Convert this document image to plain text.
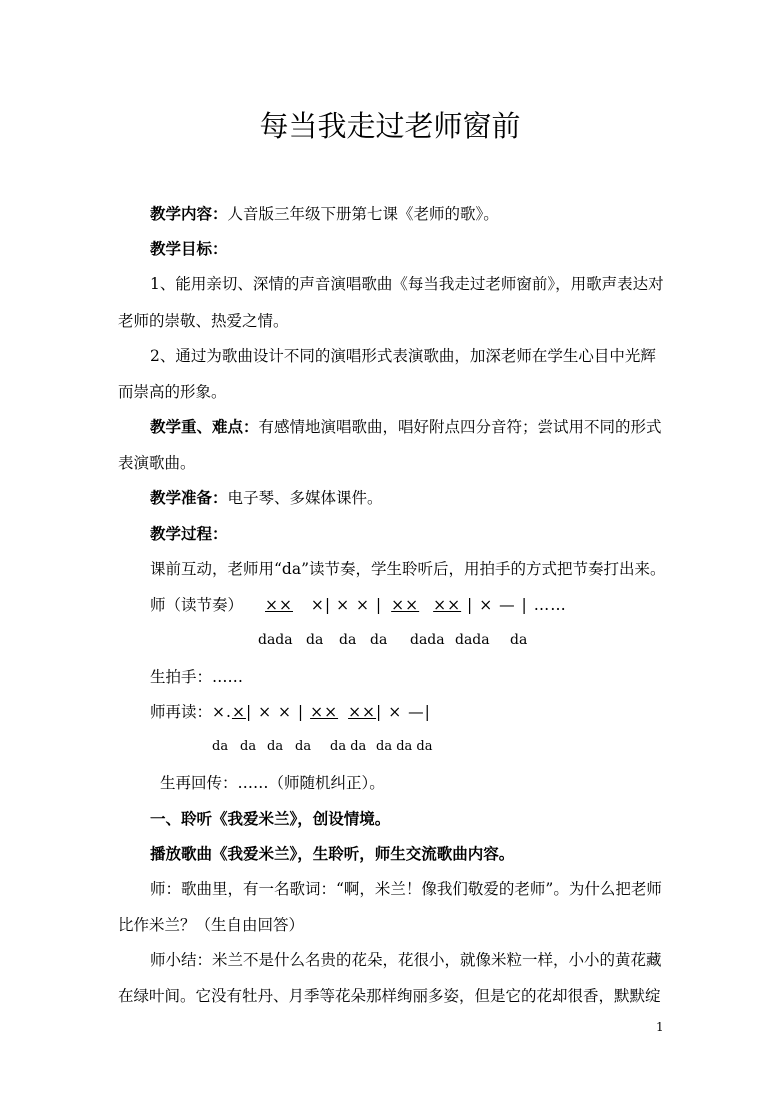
每当我走过老师窗前
教学内容：人音版三年级下册第七课《老师的歌》。
教学目标：
1、能用亲切、深情的声音演唱歌曲《每当我走过老师窗前》，用歌声表达对
老师的崇敬、热爱之情。
2、通过为歌曲设计不同的演唱形式表演歌曲，加深老师在学生心目中光辉
而崇高的形象。
教学重、难点：有感情地演唱歌曲，唱好附点四分音符；尝试用不同的形式
表演歌曲。
教学准备：电子琴、多媒体课件。
教学过程：
课前互动，老师用“da”读节奏，学生聆听后，用拍手的方式把节奏打出来。
师（读节奏） ×× ×| × × | ×× ×× | × — | ……
dada da da da dada dada da
生拍手：……
师再读：×.×| × × | ×× ××| × —|
da da da da da da da da da
生再回传：……（师随机纠正）。
一、聆听《我爱米兰》，创设情境。
播放歌曲《我爱米兰》，生聆听，师生交流歌曲内容。
师：歌曲里，有一名歌词：“啊，米兰！像我们敬爱的老师”。为什么把老师
比作米兰？（生自由回答）
师小结：米兰不是什么名贵的花朵，花很小，就像米粒一样，小小的黄花藏
在绿叶间。它没有牡丹、月季等花朵那样绚丽多姿，但是它的花却很香，默默绽
1
